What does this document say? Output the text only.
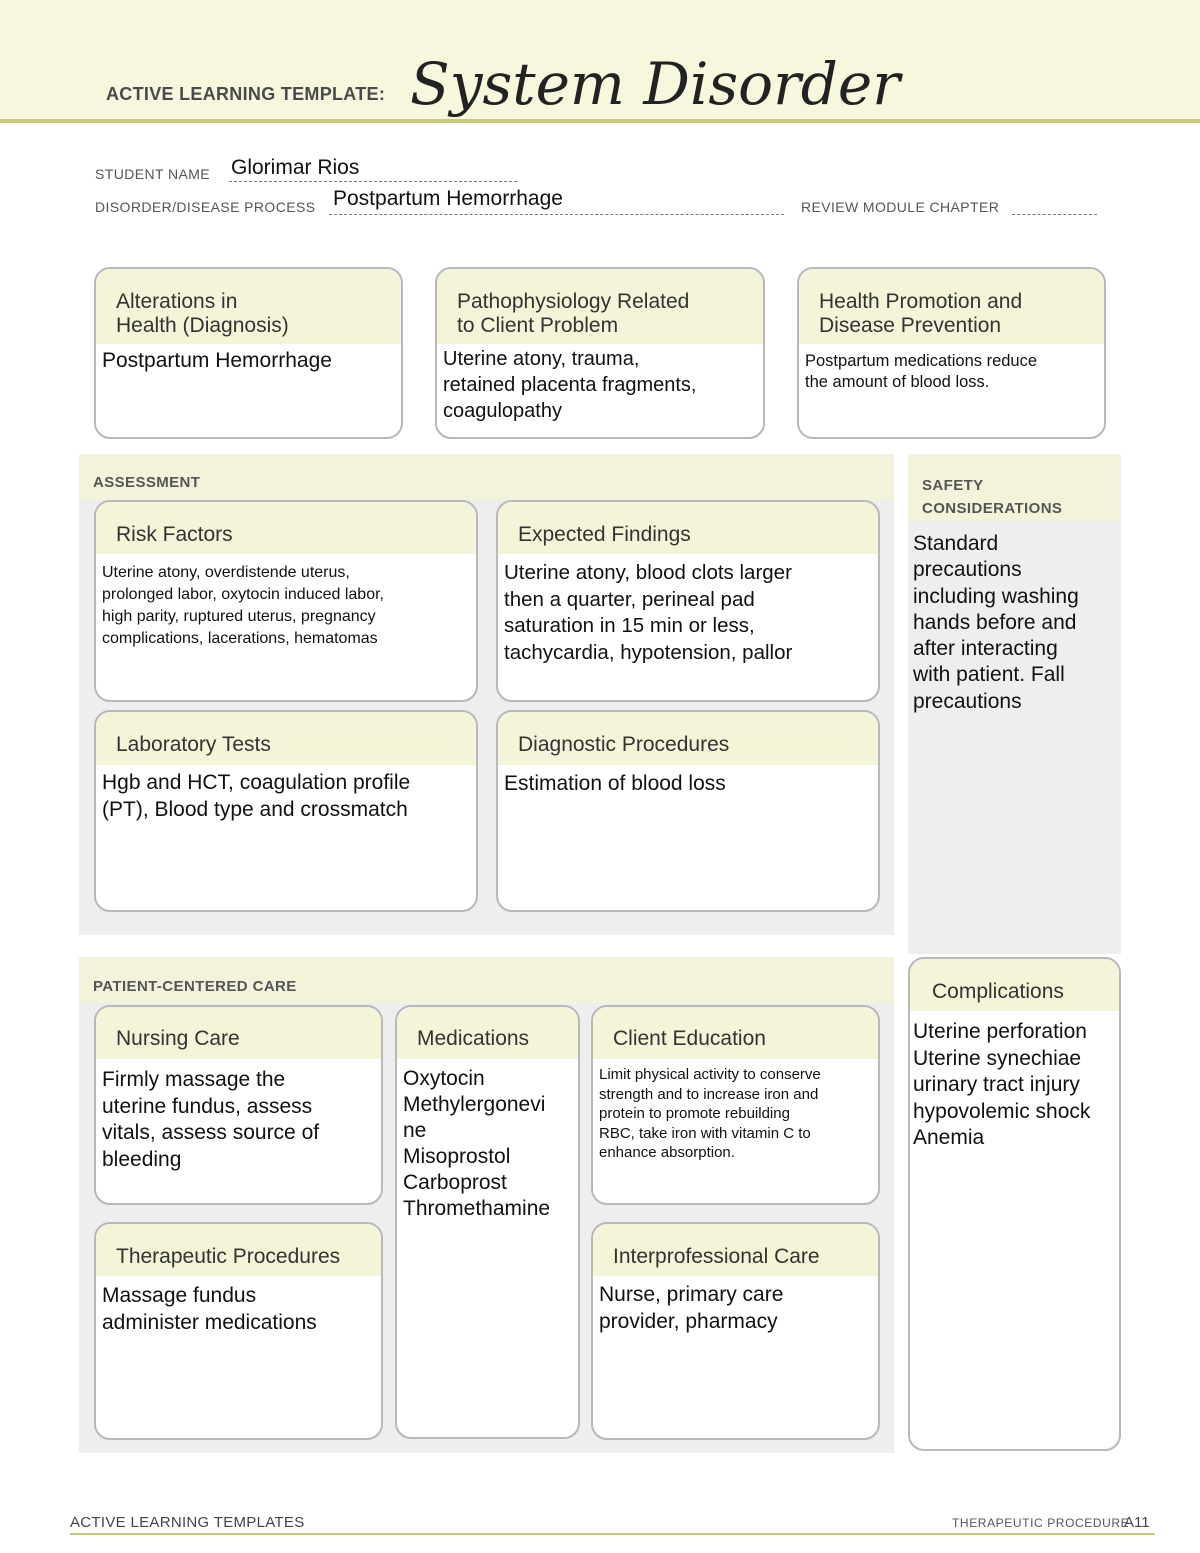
ACTIVE LEARNING TEMPLATE: System Disorder
STUDENT NAME Glorimar Rios
DISORDER/DISEASE PROCESS Postpartum Hemorrhage	REVIEW MODULE CHAPTER
Alterations in
Health (Diagnosis)
Postpartum Hemorrhage
Pathophysiology Related
to Client Problem
Uterine atony, trauma,
retained placenta fragments,
coagulopathy
Health Promotion and
Disease Prevention
Postpartum medications reduce
the amount of blood loss.
ASSESSMENT
Risk Factors
Uterine atony, overdistende uterus,
prolonged labor, oxytocin induced labor,
high parity, ruptured uterus, pregnancy
complications, lacerations, hematomas
Expected Findings
Uterine atony, blood clots larger
then a quarter, perineal pad
saturation in 15 min or less,
tachycardia, hypotension, pallor
Laboratory Tests
Hgb and HCT, coagulation profile
(PT), Blood type and crossmatch
Diagnostic Procedures
Estimation of blood loss
SAFETY
CONSIDERATIONS
Standard
precautions
including washing
hands before and
after interacting
with patient. Fall
precautions
PATIENT-CENTERED CARE
Nursing Care
Firmly massage the
uterine fundus, assess
vitals, assess source of
bleeding
Medications
Oxytocin
Methylergonevi
ne
Misoprostol
Carboprost
Thromethamine
Client Education
Limit physical activity to conserve
strength and to increase iron and
protein to promote rebuilding
RBC, take iron with vitamin C to
enhance absorption.
Therapeutic Procedures
Massage fundus
administer medications
Interprofessional Care
Nurse, primary care
provider, pharmacy
Complications
Uterine perforation
Uterine synechiae
urinary tract injury
hypovolemic shock
Anemia
ACTIVE LEARNING TEMPLATES	THERAPEUTIC PROCEDURE
A11
